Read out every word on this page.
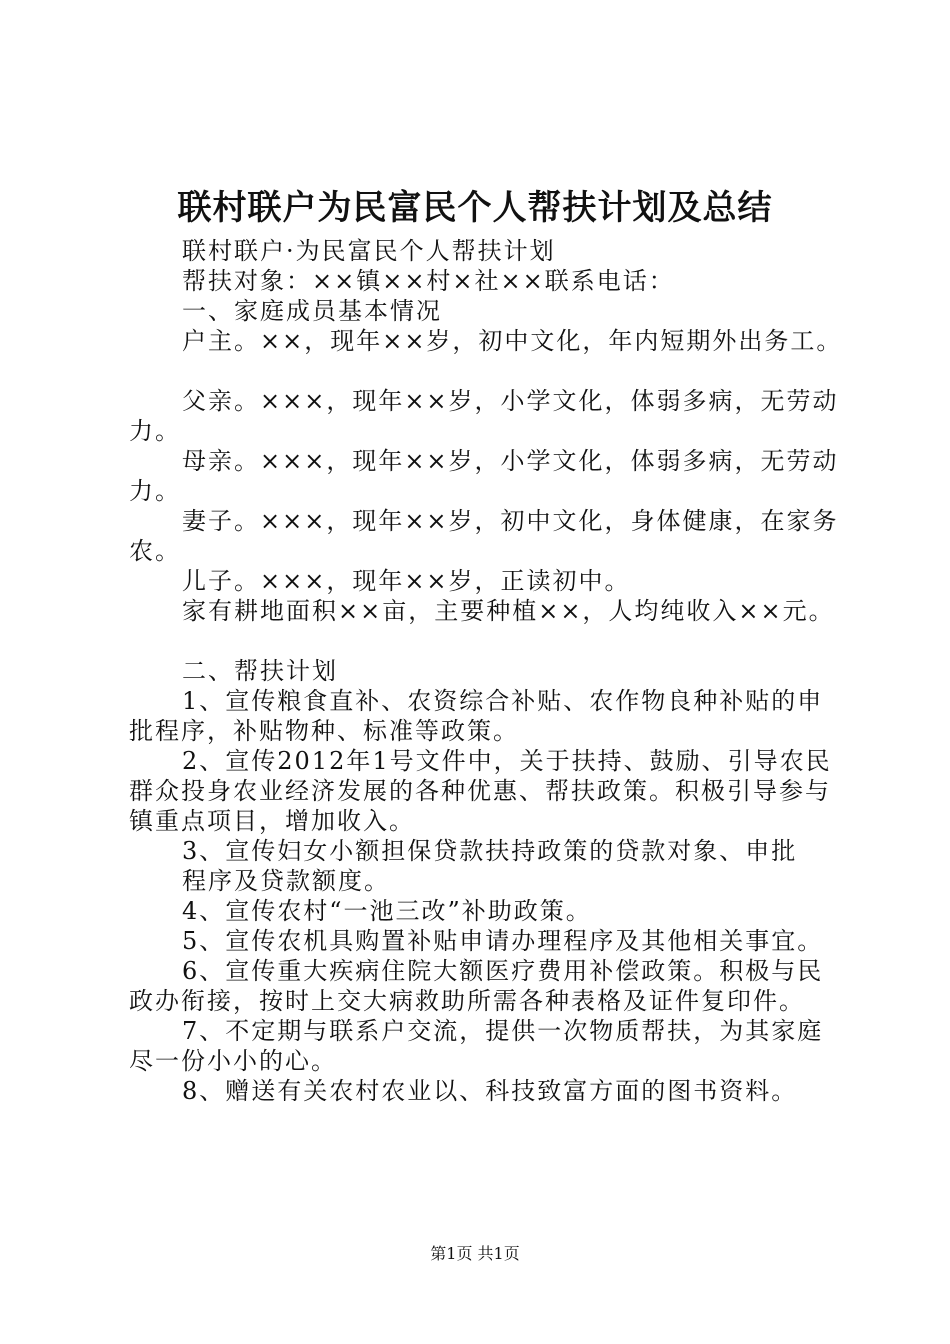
联村联户为民富民个人帮扶计划及总结

联村联户·为民富民个人帮扶计划

帮扶对象：××镇××村×社××联系电话：

一、家庭成员基本情况

户主。××，现年××岁，初中文化，年内短期外出务工。

父亲。×××，现年××岁，小学文化，体弱多病，无劳动力。

母亲。×××，现年××岁，小学文化，体弱多病，无劳动力。

妻子。×××，现年××岁，初中文化，身体健康，在家务农。

儿子。×××，现年××岁，正读初中。

家有耕地面积××亩，主要种植××，人均纯收入××元。

二、帮扶计划

1、宣传粮食直补、农资综合补贴、农作物良种补贴的申批程序，补贴物种、标准等政策。

2、宣传2012年1号文件中，关于扶持、鼓励、引导农民群众投身农业经济发展的各种优惠、帮扶政策。积极引导参与镇重点项目，增加收入。

3、宣传妇女小额担保贷款扶持政策的贷款对象、申批

程序及贷款额度。

4、宣传农村“一池三改”补助政策。

5、宣传农机具购置补贴申请办理程序及其他相关事宜。

6、宣传重大疾病住院大额医疗费用补偿政策。积极与民政办衔接，按时上交大病救助所需各种表格及证件复印件。

7、不定期与联系户交流，提供一次物质帮扶，为其家庭尽一份小小的心。

8、赠送有关农村农业以、科技致富方面的图书资料。

第1页 共1页
